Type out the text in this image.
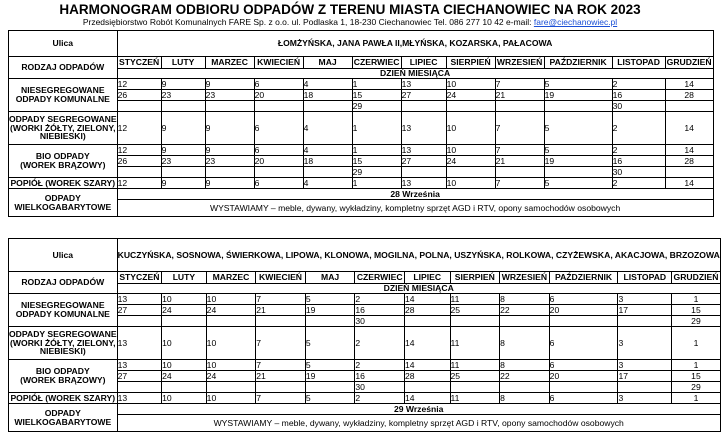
HARMONOGRAM ODBIORU ODPADÓW Z TERENU MIASTA CIECHANOWIEC NA ROK 2023
Przedsiębiorstwo Robót Komunalnych FARE Sp. z o.o. ul. Podlaska 1, 18-230 Ciechanowiec Tel. 086 277 10 42 e-mail: fare@ciechanowiec.pl
Ulica	ŁOMŻYŃSKA, JANA PAWŁA II,MŁYŃSKA, KOZARSKA, PAŁACOWA											
RODZAJ ODPADÓW	STYCZEŃ	LUTY	MARZEC	KWIECIEŃ	MAJ	CZERWIEC	LIPIEC	SIERPIEŃ	WRZESIEŃ	PAŹDZIERNIK	LISTOPAD	GRUDZIEŃ
	DZIEŃ MIESIĄCA											
NIESEGREGOWANE
ODPADY KOMUNALNE	12	9	9	6	4	1	13	10	7	5	2	14
	26	23	23	20	18	15	27	24	21	19	16	28
						29					30	
ODPADY SEGREGOWANE
(WORKI ŻÓŁTY, ZIELONY,
NIEBIESKI)	12	9	9	6	4	1	13	10	7	5	2	14
BIO ODPADY
(WOREK BRĄZOWY)	12	9	9	6	4	1	13	10	7	5	2	14
	26	23	23	20	18	15	27	24	21	19	16	28
						29					30	
POPIÓŁ (WOREK SZARY)	12	9	9	6	4	1	13	10	7	5	2	14
ODPADY
WIELKOGABARYTOWE	28 Września											
	WYSTAWIAMY – meble, dywany, wykładziny, kompletny sprzęt AGD i RTV, opony samochodów osobowych											
Ulica	KUCZYŃSKA, SOSNOWA, ŚWIERKOWA, LIPOWA, KLONOWA, MOGILNA, POLNA, USZYŃSKA, ROLKOWA, CZYŻEWSKA, AKACJOWA, BRZOZOWA											
RODZAJ ODPADÓW	STYCZEŃ	LUTY	MARZEC	KWIECIEŃ	MAJ	CZERWIEC	LIPIEC	SIERPIEŃ	WRZESIEŃ	PAŹDZIERNIK	LISTOPAD	GRUDZIEŃ
	DZIEŃ MIESIĄCA											
NIESEGREGOWANE
ODPADY KOMUNALNE	13	10	10	7	5	2	14	11	8	6	3	1
	27	24	24	21	19	16	28	25	22	20	17	15
						30						29
ODPADY SEGREGOWANE
(WORKI ŻÓŁTY, ZIELONY,
NIEBIESKI)	13	10	10	7	5	2	14	11	8	6	3	1
BIO ODPADY
(WOREK BRĄZOWY)	13	10	10	7	5	2	14	11	8	6	3	1
	27	24	24	21	19	16	28	25	22	20	17	15
						30						29
POPIÓŁ (WOREK SZARY)	13	10	10	7	5	2	14	11	8	6	3	1
ODPADY
WIELKOGABARYTOWE	29 Września											
	WYSTAWIAMY – meble, dywany, wykładziny, kompletny sprzęt AGD i RTV, opony samochodów osobowych											
